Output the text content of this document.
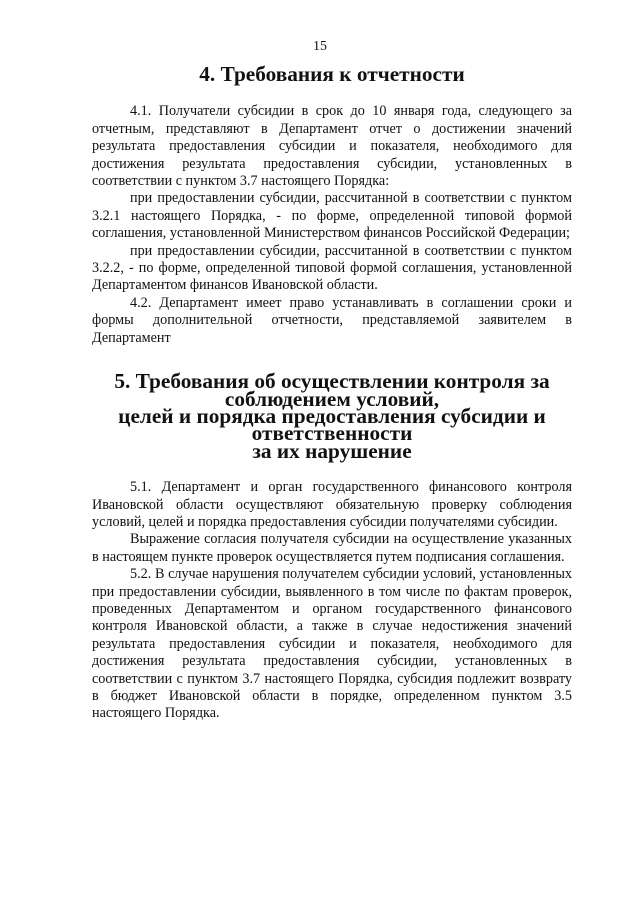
15
4. Требования к отчетности

4.1. Получатели субсидии в срок до 10 января года, следующего за отчетным, представляют в Департамент отчет о достижении значений результата предоставления субсидии и показателя, необходимого для достижения результата предоставления субсидии, установленных в соответствии с пунктом 3.7 настоящего Порядка:

при предоставлении субсидии, рассчитанной в соответствии с пунктом 3.2.1 настоящего Порядка, - по форме, определенной типовой формой соглашения, установленной Министерством финансов Российской Федерации;

при предоставлении субсидии, рассчитанной в соответствии с пунктом 3.2.2, - по форме, определенной типовой формой соглашения, установленной Департаментом финансов Ивановской области.

4.2. Департамент имеет право устанавливать в соглашении сроки и формы дополнительной отчетности, представляемой заявителем в Департамент

5. Требования об осуществлении контроля за соблюдением условий,
целей и порядка предоставления субсидии и ответственности
за их нарушение

5.1. Департамент и орган государственного финансового контроля Ивановской области осуществляют обязательную проверку соблюдения условий, целей и порядка предоставления субсидии получателями субсидии.

Выражение согласия получателя субсидии на осуществление указанных в настоящем пункте проверок осуществляется путем подписания соглашения.

5.2. В случае нарушения получателем субсидии условий, установленных при предоставлении субсидии, выявленного в том числе по фактам проверок, проведенных Департаментом и органом государственного финансового контроля Ивановской области, а также в случае недостижения значений результата предоставления субсидии и показателя, необходимого для достижения результата предоставления субсидии, установленных в соответствии с пунктом 3.7 настоящего Порядка, субсидия подлежит возврату в бюджет Ивановской области в порядке, определенном пунктом 3.5 настоящего Порядка.
